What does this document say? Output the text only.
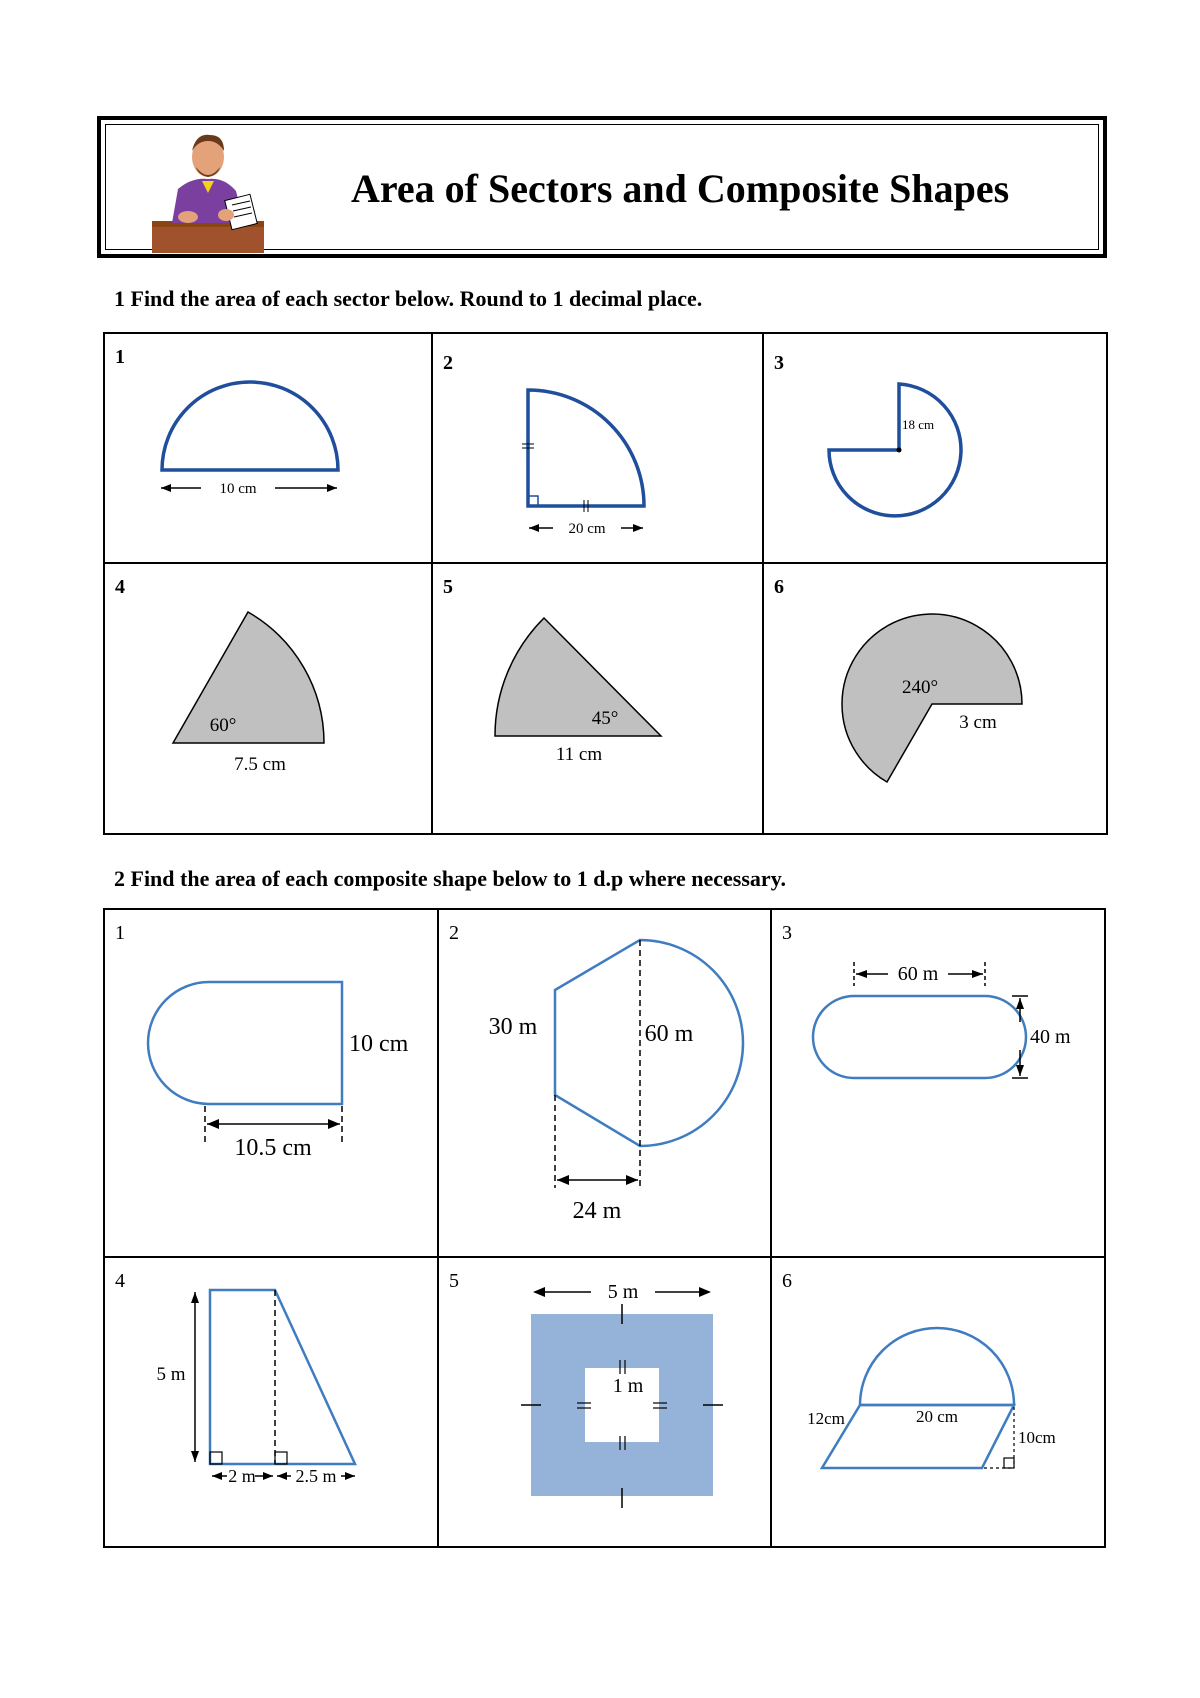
Area of Sectors and Composite Shapes
1 Find the area of each sector below. Round to 1 decimal place.
1
10 cm	2
20 cm	3
18 cm

4
60°
7.5 cm	5
45°
11 cm	6
240°
3 cm
2 Find the area of each composite shape below to 1 d.p where necessary.
1
10 cm
10.5 cm	2
30 m 60 m
24 m	3
60 m
40 m

4
5 m
2 m 2.5 m	5 5 m
1 m	6
12cm 20 cm
10cm
